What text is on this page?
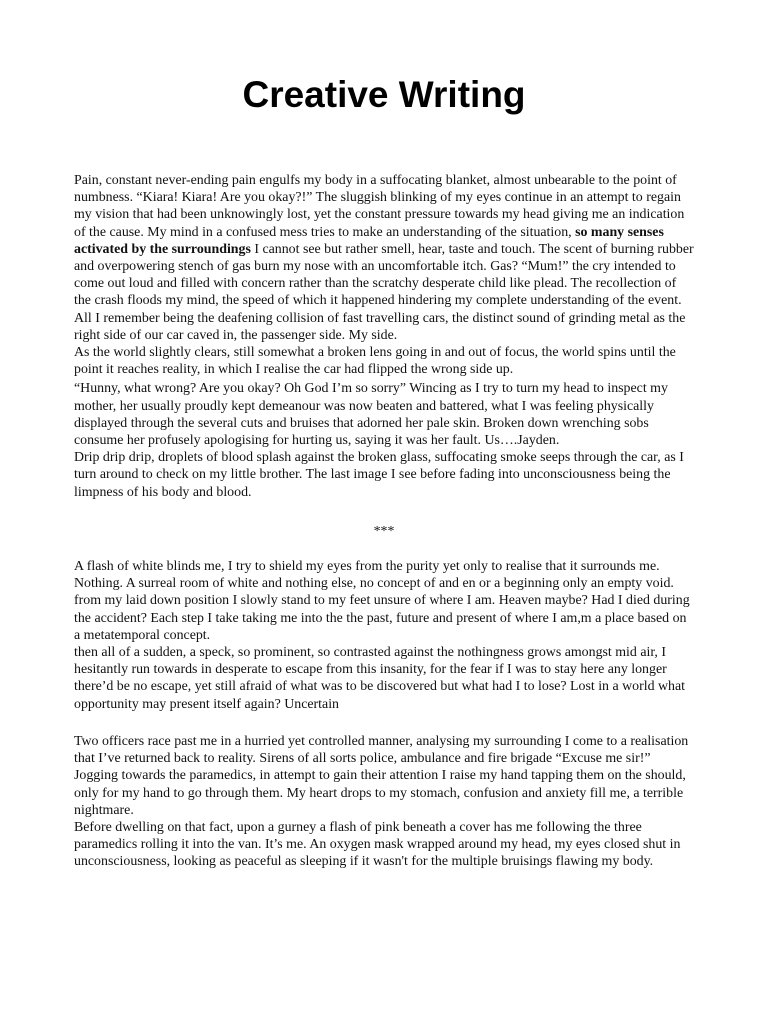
Creative Writing

Pain, constant never-ending pain engulfs my body in a suffocating blanket, almost unbearable to the point of numbness. “Kiara! Kiara! Are you okay?!” The sluggish blinking of my eyes continue in an attempt to regain my vision that had been unknowingly lost, yet the constant pressure towards my head giving me an indication of the cause. My mind in a confused mess tries to make an understanding of the situation, so many senses activated by the surroundings I cannot see but rather smell, hear, taste and touch. The scent of burning rubber and overpowering stench of gas burn my nose with an uncomfortable itch. Gas? “Mum!” the cry intended to come out loud and filled with concern rather than the scratchy desperate child like plead. The recollection of the crash floods my mind, the speed of which it happened hindering my complete understanding of the event. All I remember being the deafening collision of fast travelling cars, the distinct sound of grinding metal as the right side of our car caved in, the passenger side. My side.

As the world slightly clears, still somewhat a broken lens going in and out of focus, the world spins until the point it reaches reality, in which I realise the car had flipped the wrong side up.

“Hunny, what wrong? Are you okay? Oh God I’m so sorry” Wincing as I try to turn my head to inspect my mother, her usually proudly kept demeanour was now beaten and battered, what I was feeling physically displayed through the several cuts and bruises that adorned her pale skin. Broken down wrenching sobs consume her profusely apologising for hurting us, saying it was her fault. Us….Jayden.

Drip drip drip, droplets of blood splash against the broken glass, suffocating smoke seeps through the car, as I turn around to check on my little brother. The last image I see before fading into unconsciousness being the limpness of his body and blood.

***

A flash of white blinds me, I try to shield my eyes from the purity yet only to realise that it surrounds me. Nothing. A surreal room of white and nothing else, no concept of and en or a beginning only an empty void. from my laid down position I slowly stand to my feet unsure of where I am. Heaven maybe? Had I died during the accident? Each step I take taking me into the the past, future and present of where I am,m a place based on a metatemporal concept.

then all of a sudden, a speck, so prominent, so contrasted against the nothingness grows amongst mid air, I hesitantly run towards in desperate to escape from this insanity, for the fear if I was to stay here any longer there’d be no escape, yet still afraid of what was to be discovered but what had I to lose? Lost in a world what opportunity may present itself again? Uncertain

Two officers race past me in a hurried yet controlled manner, analysing my surrounding I come to a realisation that I’ve returned back to reality. Sirens of all sorts police, ambulance and fire brigade “Excuse me sir!” Jogging towards the paramedics, in attempt to gain their attention I raise my hand tapping them on the should, only for my hand to go through them. My heart drops to my stomach, confusion and anxiety fill me, a terrible nightmare.

Before dwelling on that fact, upon a gurney a flash of pink beneath a cover has me following the three paramedics rolling it into the van. It’s me. An oxygen mask wrapped around my head, my eyes closed shut in unconsciousness, looking as peaceful as sleeping if it wasn't for the multiple bruisings flawing my body.
